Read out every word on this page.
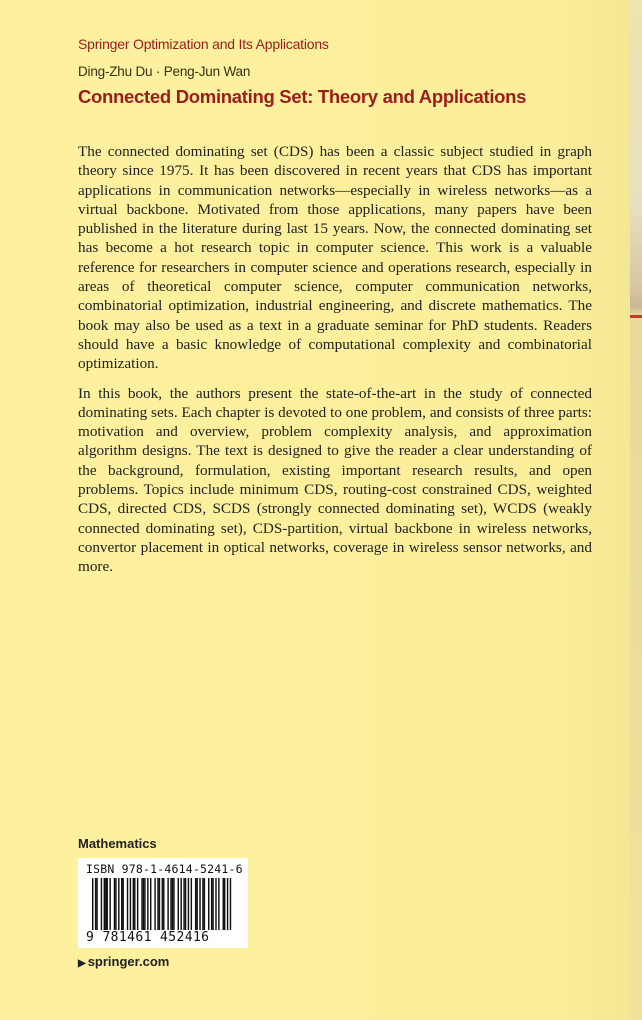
Springer Optimization and Its Applications
Ding-Zhu Du · Peng-Jun Wan
Connected Dominating Set: Theory and Applications

The connected dominating set (CDS) has been a classic subject studied in graph theory since 1975. It has been discovered in recent years that CDS has important applications in communication networks—especially in wireless networks—as a virtual backbone. Motivated from those applications, many papers have been published in the literature during last 15 years. Now, the connected dominating set has become a hot research topic in computer science. This work is a valuable reference for researchers in computer science and operations research, especially in areas of theoretical computer science, computer communication networks, combinatorial optimization, industrial engineering, and discrete mathematics. The book may also be used as a text in a graduate seminar for PhD students. Readers should have a basic knowledge of computational complexity and combinatorial optimization.

In this book, the authors present the state-of-the-art in the study of connected dominating sets. Each chapter is devoted to one problem, and consists of three parts: motivation and overview, problem complexity analysis, and approximation algorithm designs. The text is designed to give the reader a clear understanding of the background, formulation, existing important research results, and open problems. Topics include minimum CDS, routing-cost constrained CDS, weighted CDS, directed CDS, SCDS (strongly connected dominating set), WCDS (weakly connected dominating set), CDS-partition, virtual backbone in wireless networks, convertor placement in optical networks, coverage in wireless sensor networks, and more.

Mathematics
ISBN 978-1-4614-5241-6
9 781461 452416
▶ springer.com
